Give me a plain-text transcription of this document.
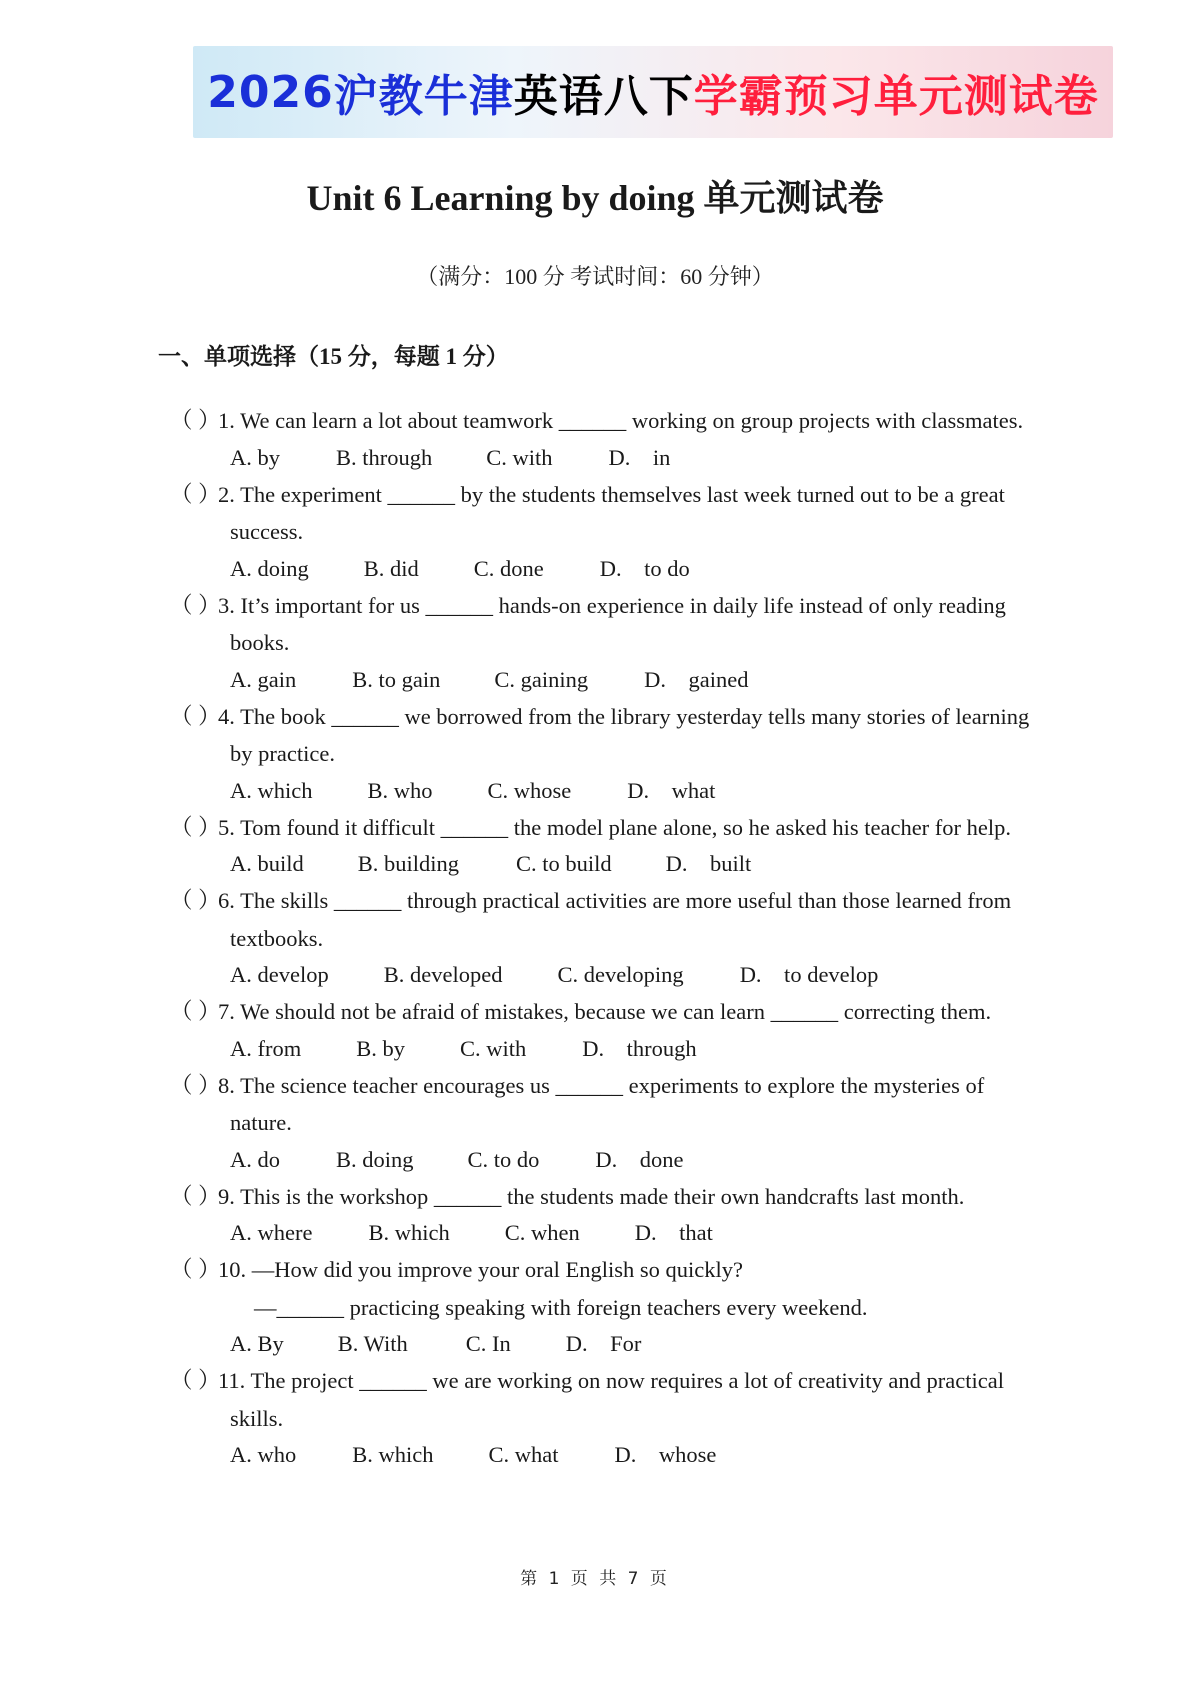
2026 沪教牛津 英语八下 学霸预习单元测试卷
Unit 6 Learning by doing 单元测试卷
（满分：100 分 考试时间：60 分钟）
一、单项选择（15 分，每题 1 分）
（ ）1. We can learn a lot about teamwork ______ working on group projects with classmates.
A. by B. through C. with D.    in
（ ）2. The experiment ______ by the students themselves last week turned out to be a great success.
A. doing B. did C. done D.    to do
（ ）3. It’s important for us ______ hands-on experience in daily life instead of only reading books.
A. gain B. to gain C. gaining D.    gained
（ ）4. The book ______ we borrowed from the library yesterday tells many stories of learning by practice.
A. which B. who C. whose D.    what
（ ）5. Tom found it difficult ______ the model plane alone, so he asked his teacher for help.
A. build B. building	C. to build D.    built
（ ）6. The skills ______ through practical activities are more useful than those learned from textbooks.
A. develop B. developed C. developing D.    to develop
（ ）7. We should not be afraid of mistakes, because we can learn ______ correcting them.
A. from B. by C. with D.    through
（ ）8. The science teacher encourages us ______ experiments to explore the mysteries of nature.
A. do B. doing C. to do D.    done
（ ）9. This is the workshop ______ the students made their own handcrafts last month.
A. where B. which C. when D.    that
（ ）10. —How did you improve your oral English so quickly?
—______ practicing speaking with foreign teachers every weekend.
A. By B. With	C. In D.    For
（ ）11. The project ______ we are working on now requires a lot of creativity and practical skills.
A. who B. which C. what D.    whose
第 1 页 共 7 页
